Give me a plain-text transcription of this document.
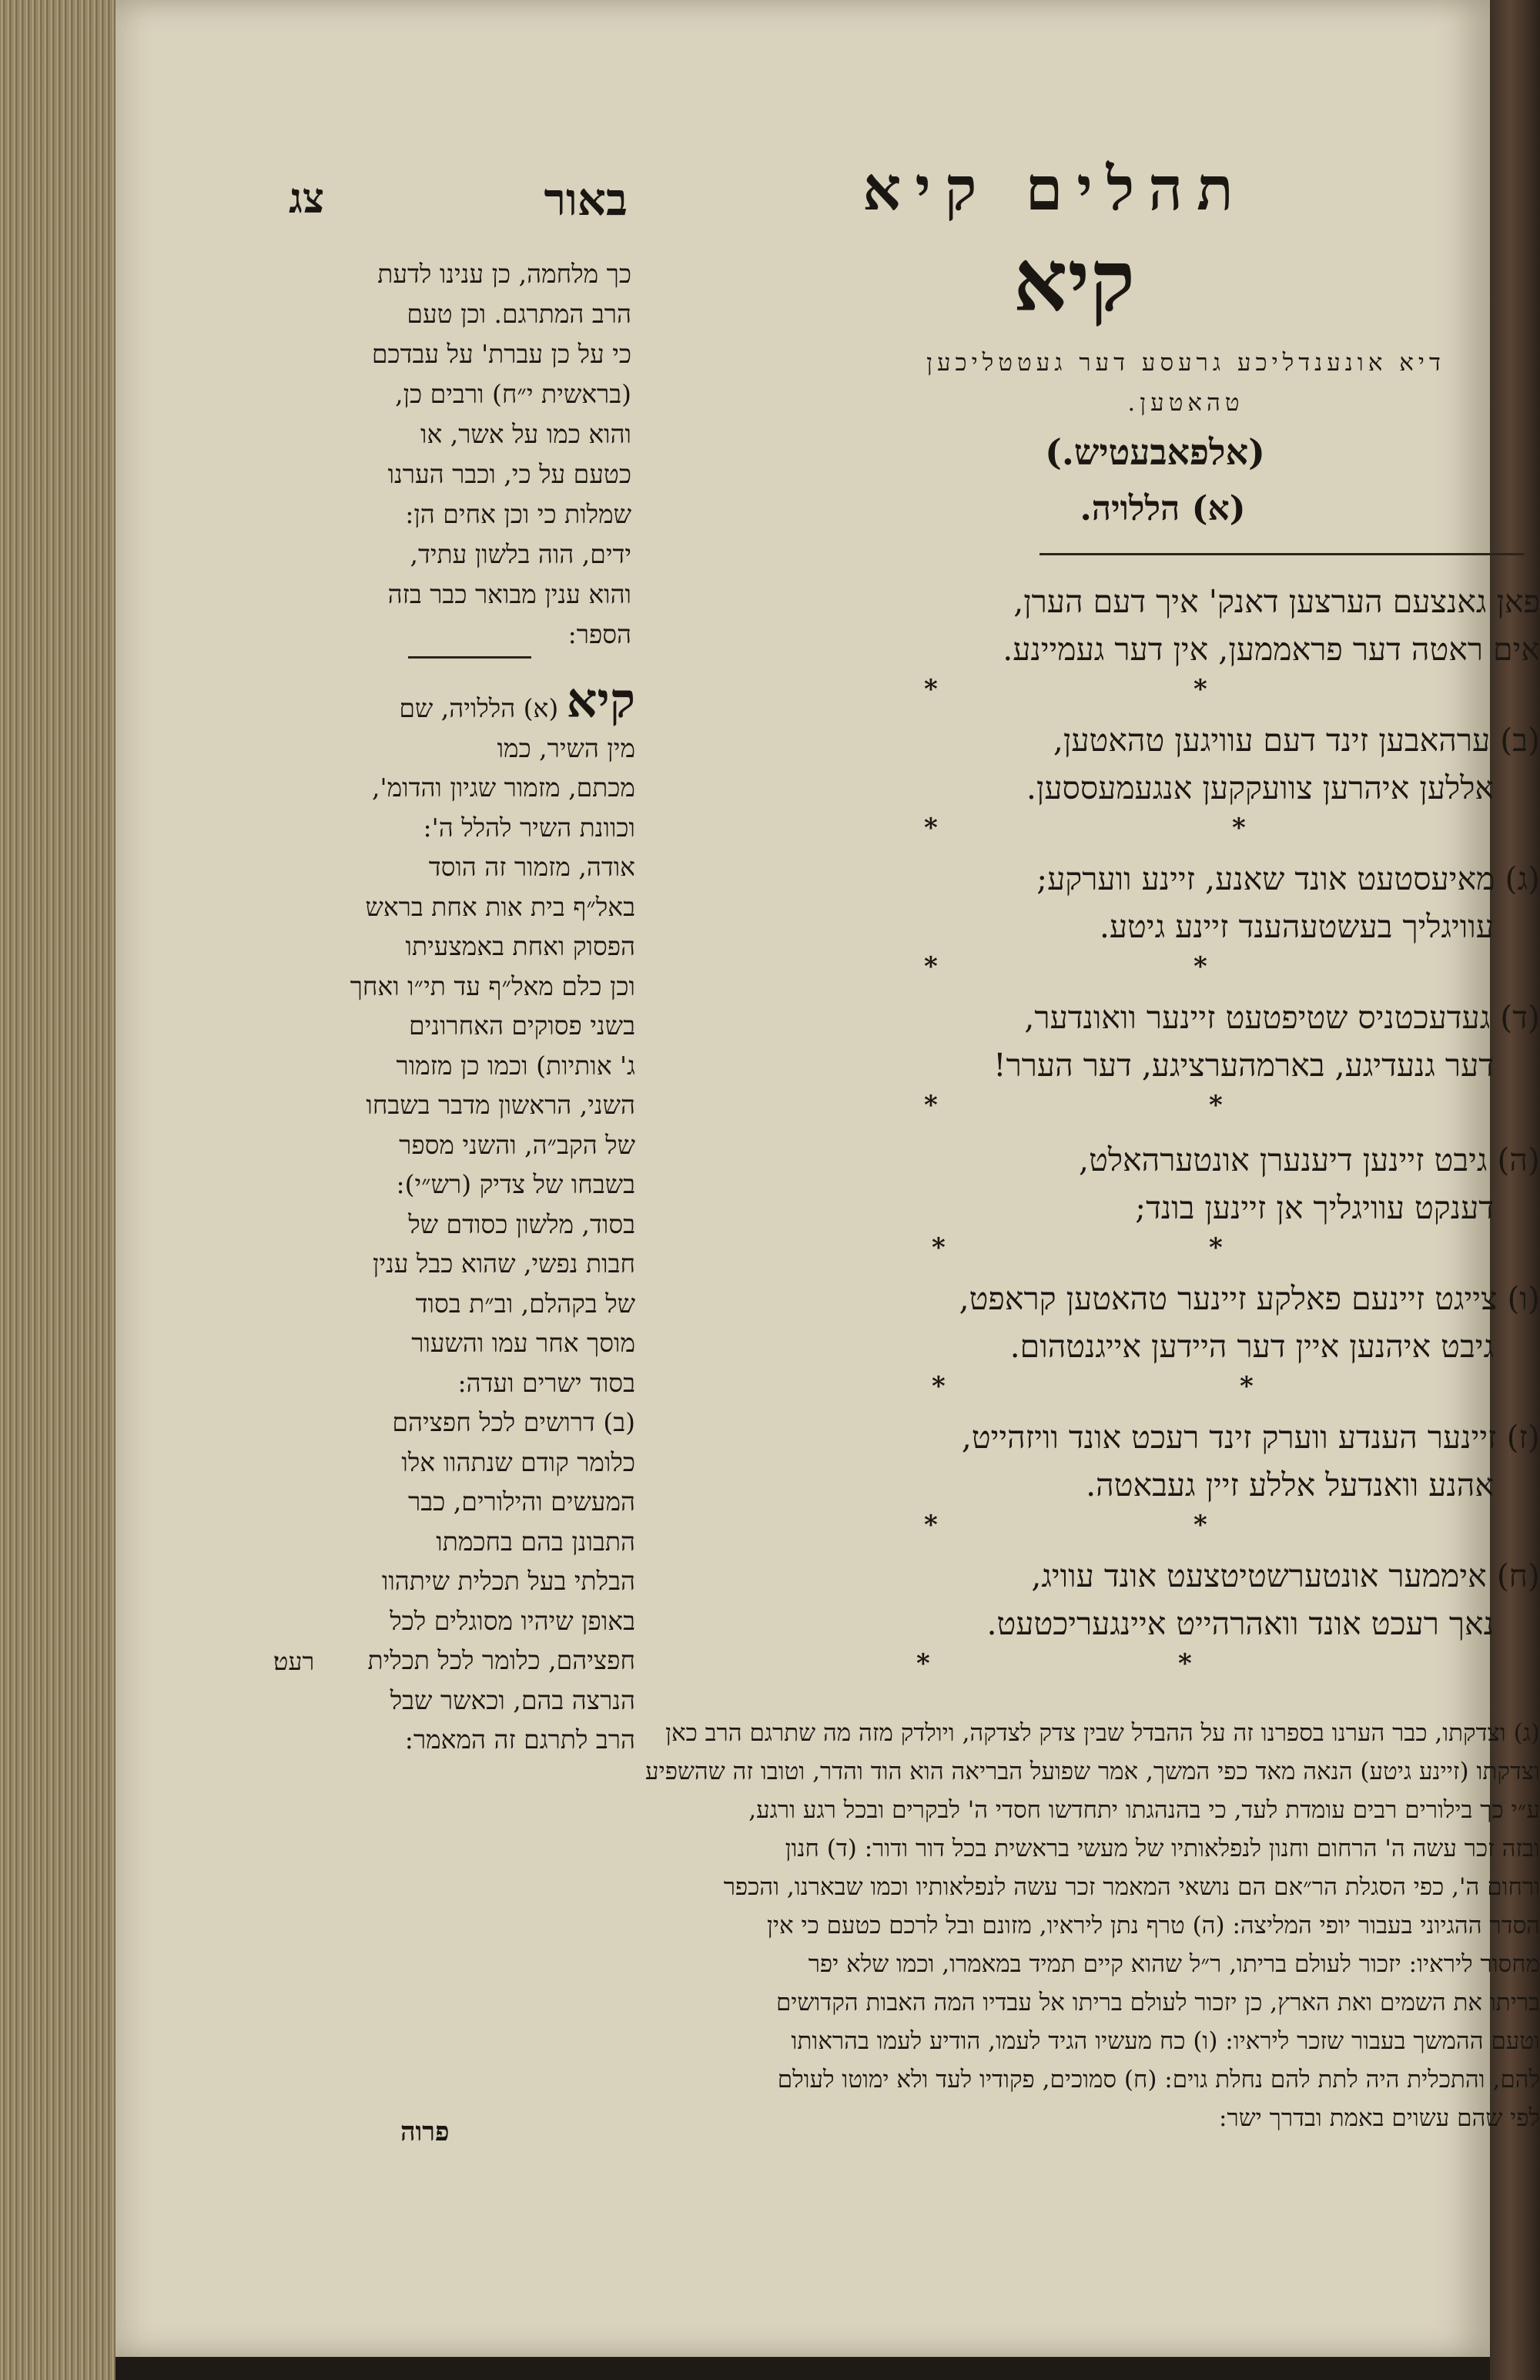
צג	באור
כך מלחמה, כן ענינו לדעת
הרב המתרגם. וכן טעם
כי על כן עברת' על עבדכם
(בראשית י״ח) ורבים כן,
והוא כמו על אשר, או
כטעם על כי, וכבר הערנו
שמלות כי וכן אחים הן:
ידים, הוה בלשון עתיד,
והוא ענין מבואר כבר בזה
הספר:
קיא (א) הללויה, שם
מין השיר, כמו
מכתם, מזמור שגיון והדומ',
וכוונת השיר להלל ה':
אודה, מזמור זה הוסד
באל״ף בית אות אחת בראש
הפסוק ואחת באמצעיתו
וכן כלם מאל״ף עד תי״ו ואחך
בשני פסוקים האחרונים
ג' אותיות) וכמו כן מזמור
השני, הראשון מדבר בשבחו
של הקב״ה, והשני מספר
בשבחו של צדיק (רש״י):
בסוד, מלשון כסודם של
חבות נפשי, שהוא כבל ענין
של בקהלם, וב״ת בסוד
מוסך אחר עמו והשעור
בסוד ישרים ועדה:
(ב) דרושים לכל חפציהם
כלומר קודם שנתהוו אלו
המעשים והילורים, כבר
התבונן בהם בחכמתו
הבלתי בעל תכלית שיתהוו
באופן שיהיו מסוגלים לכל
חפציהם, כלומר לכל תכלית
הנרצה בהם, וכאשר שבל
הרב לתרגם זה המאמר:
תהלים קיא
קיא
דיא אונענדליכע גרעסע דער געטטליכען
טהאטען.
(אלפאבעטיש.)
(א) הללויה.
פאן גאנצעם הערצען דאנק' איך דעם הערן,
אים ראטה דער פראממען, אין דער געמיינע.
(ב) ערהאבען זינד דעם עוויגען טהאטען,
אללען איהרען צוועקקען אנגעמעססען.
(ג) מאיעסטעט אונד שאנע, זיינע ווערקע;
עוויגליך בעשטעהענד זיינע גיטע.
(ד) געדעכטניס שטיפטעט זיינער וואונדער,
דער גנעדיגע, בארמהערציגע, דער הערר!
(ה) גיבט זיינען דיענערן אונטערהאלט,
דענקט עוויגליך אן זיינען בונד;
(ו) צייגט זיינעם פאלקע זיינער טהאטען קראפט,
גיבט איהנען איין דער היידען אייגנטהום.
(ז) זיינער הענדע ווערק זינד רעכט אונד וויזהייט,
אהנע וואנדעל אללע זיין געבאטה.
(ח) איממער אונטערשטיטצעט אונד עוויג,
נאך רעכט אונד וואהרהייט איינגעריכטעט.
*	*
*	*
*	*
*	*
*	*
*	*
*	*
*	*
רעט׃
(ג) וצדקתו, כבר הערנו בספרנו זה על ההבדל שבין צדק לצדקה, ויולדק מזה מה שתרגם הרב כאן
וצדקתו (זיינע גיטע) הנאה מאד כפי המשך, אמר שפועל הבריאה הוא הוד והדר, וטובו זה שהשפיע
ע״י כך בילורים רבים עומדת לעד, כי בהנהגתו יתחדשו חסדי ה' לבקרים ובכל רגע ורגע,
ובזה זכר עשה ה' הרחום וחנון לנפלאותיו של מעשי בראשית בכל דור ודור: (ד) חנון
ורחום ה', כפי הסגלת הר״אם הם נושאי המאמר זכר עשה לנפלאותיו וכמו שבארנו, והכפר
הסדר ההגיוני בעבור יופי המליצה: (ה) טרף נתן ליראיו, מזונם ובל לרכם כטעם כי אין
מחסור ליראיו: יזכור לעולם בריתו, ר״ל שהוא קיים תמיד במאמרו, וכמו שלא יפר
בריתו את השמים ואת הארץ, כן יזכור לעולם בריתו אל עבדיו המה האבות הקדושים
וטעם ההמשך בעבור שזכר ליראיו: (ו) כח מעשיו הגיד לעמו, הודיע לעמו בהראותו
להם, והתכלית היה לתת להם נחלת גוים: (ח) סמוכים, פקודיו לעד ולא ימוטו לעולם
לפי שהם עשוים באמת ובדרך ישר:
פרוה
